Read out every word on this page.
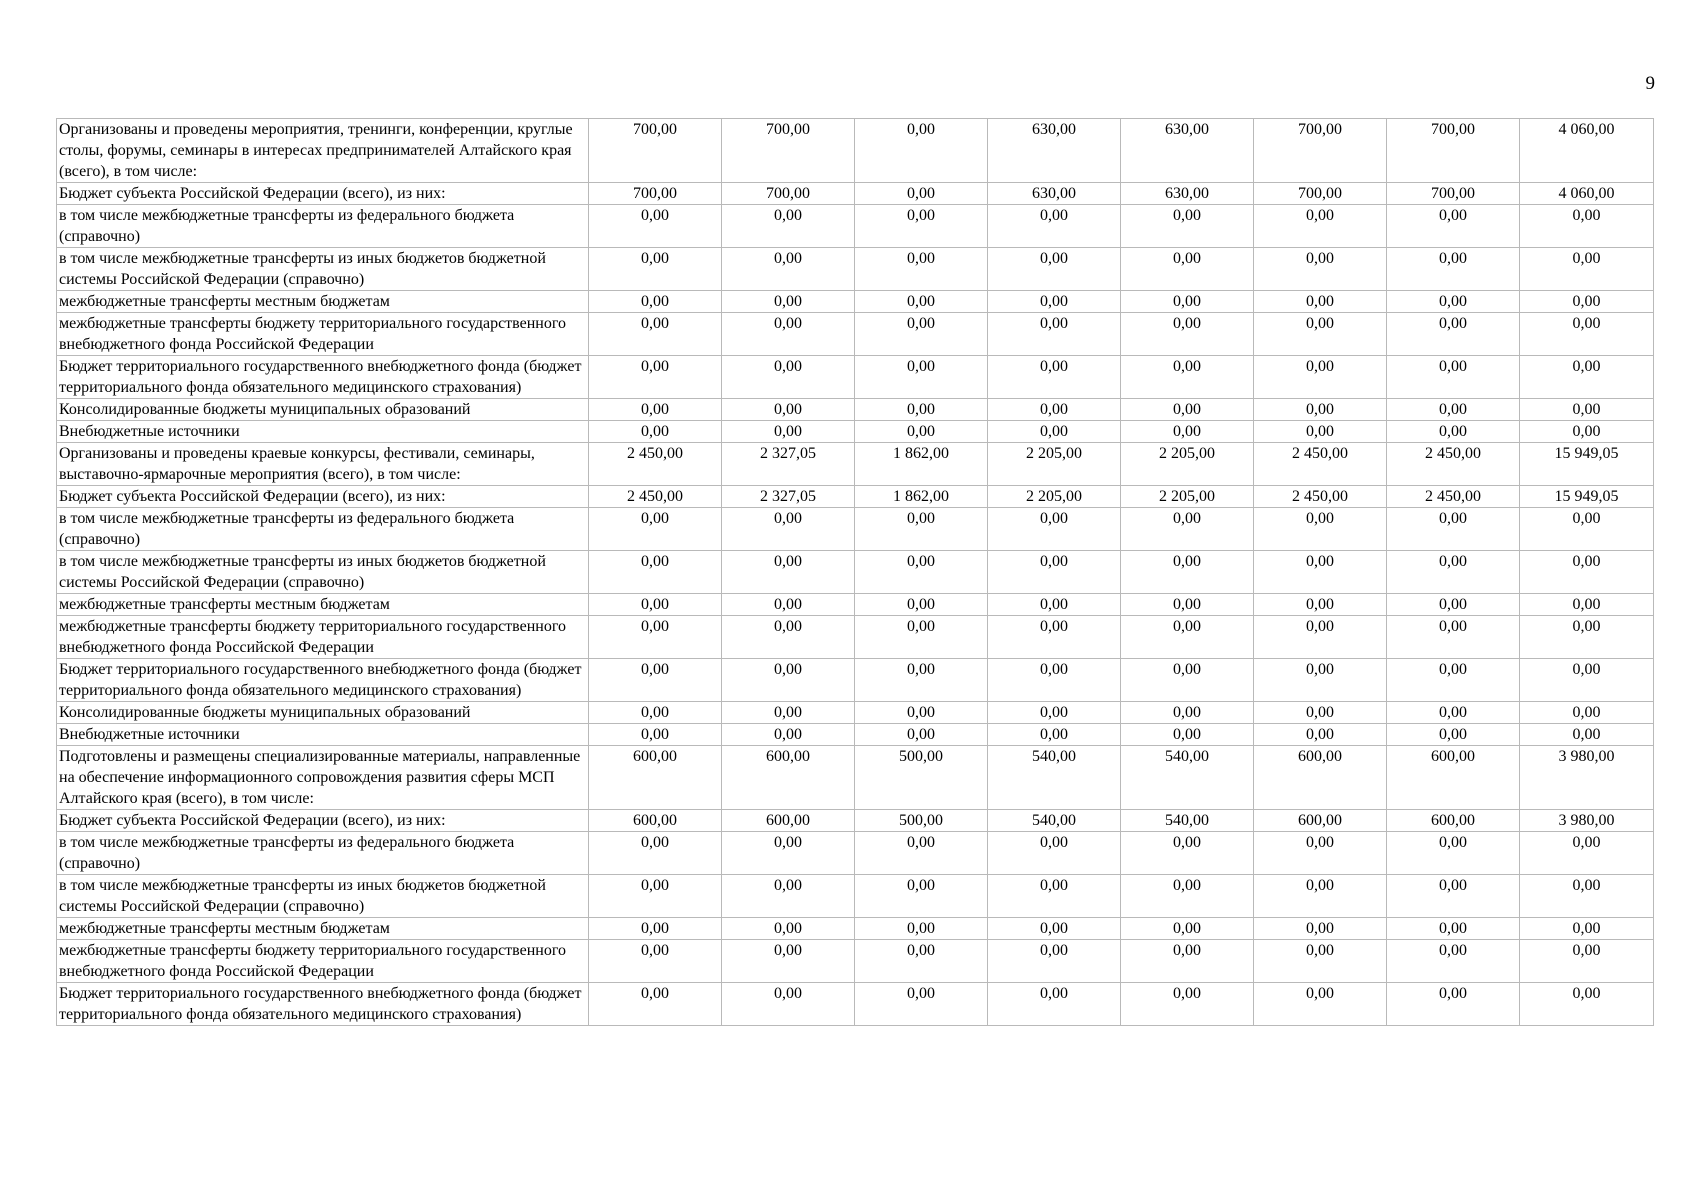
9
Организованы и проведены мероприятия, тренинги, конференции, круглые столы, форумы, семинары в интересах предпринимателей Алтайского края (всего), в том числе:	700,00	700,00	0,00	630,00	630,00	700,00	700,00	4 060,00
Бюджет субъекта Российской Федерации (всего), из них:	700,00	700,00	0,00	630,00	630,00	700,00	700,00	4 060,00
в том числе межбюджетные трансферты из федерального бюджета (справочно)	0,00	0,00	0,00	0,00	0,00	0,00	0,00	0,00
в том числе межбюджетные трансферты из иных бюджетов бюджетной системы Российской Федерации (справочно)	0,00	0,00	0,00	0,00	0,00	0,00	0,00	0,00
межбюджетные трансферты местным бюджетам	0,00	0,00	0,00	0,00	0,00	0,00	0,00	0,00
межбюджетные трансферты бюджету территориального государственного внебюджетного фонда Российской Федерации	0,00	0,00	0,00	0,00	0,00	0,00	0,00	0,00
Бюджет территориального государственного внебюджетного фонда (бюджет территориального фонда обязательного медицинского страхования)	0,00	0,00	0,00	0,00	0,00	0,00	0,00	0,00
Консолидированные бюджеты муниципальных образований	0,00	0,00	0,00	0,00	0,00	0,00	0,00	0,00
Внебюджетные источники	0,00	0,00	0,00	0,00	0,00	0,00	0,00	0,00
Организованы и проведены краевые конкурсы, фестивали, семинары, выставочно-ярмарочные мероприятия (всего), в том числе:	2 450,00	2 327,05	1 862,00	2 205,00	2 205,00	2 450,00	2 450,00	15 949,05
Бюджет субъекта Российской Федерации (всего), из них:	2 450,00	2 327,05	1 862,00	2 205,00	2 205,00	2 450,00	2 450,00	15 949,05
в том числе межбюджетные трансферты из федерального бюджета (справочно)	0,00	0,00	0,00	0,00	0,00	0,00	0,00	0,00
в том числе межбюджетные трансферты из иных бюджетов бюджетной системы Российской Федерации (справочно)	0,00	0,00	0,00	0,00	0,00	0,00	0,00	0,00
межбюджетные трансферты местным бюджетам	0,00	0,00	0,00	0,00	0,00	0,00	0,00	0,00
межбюджетные трансферты бюджету территориального государственного внебюджетного фонда Российской Федерации	0,00	0,00	0,00	0,00	0,00	0,00	0,00	0,00
Бюджет территориального государственного внебюджетного фонда (бюджет территориального фонда обязательного медицинского страхования)	0,00	0,00	0,00	0,00	0,00	0,00	0,00	0,00
Консолидированные бюджеты муниципальных образований	0,00	0,00	0,00	0,00	0,00	0,00	0,00	0,00
Внебюджетные источники	0,00	0,00	0,00	0,00	0,00	0,00	0,00	0,00
Подготовлены и размещены специализированные материалы, направленные на обеспечение информационного сопровождения развития сферы МСП Алтайского края (всего), в том числе:	600,00	600,00	500,00	540,00	540,00	600,00	600,00	3 980,00
Бюджет субъекта Российской Федерации (всего), из них:	600,00	600,00	500,00	540,00	540,00	600,00	600,00	3 980,00
в том числе межбюджетные трансферты из федерального бюджета (справочно)	0,00	0,00	0,00	0,00	0,00	0,00	0,00	0,00
в том числе межбюджетные трансферты из иных бюджетов бюджетной системы Российской Федерации (справочно)	0,00	0,00	0,00	0,00	0,00	0,00	0,00	0,00
межбюджетные трансферты местным бюджетам	0,00	0,00	0,00	0,00	0,00	0,00	0,00	0,00
межбюджетные трансферты бюджету территориального государственного внебюджетного фонда Российской Федерации	0,00	0,00	0,00	0,00	0,00	0,00	0,00	0,00
Бюджет территориального государственного внебюджетного фонда (бюджет территориального фонда обязательного медицинского страхования)	0,00	0,00	0,00	0,00	0,00	0,00	0,00	0,00
